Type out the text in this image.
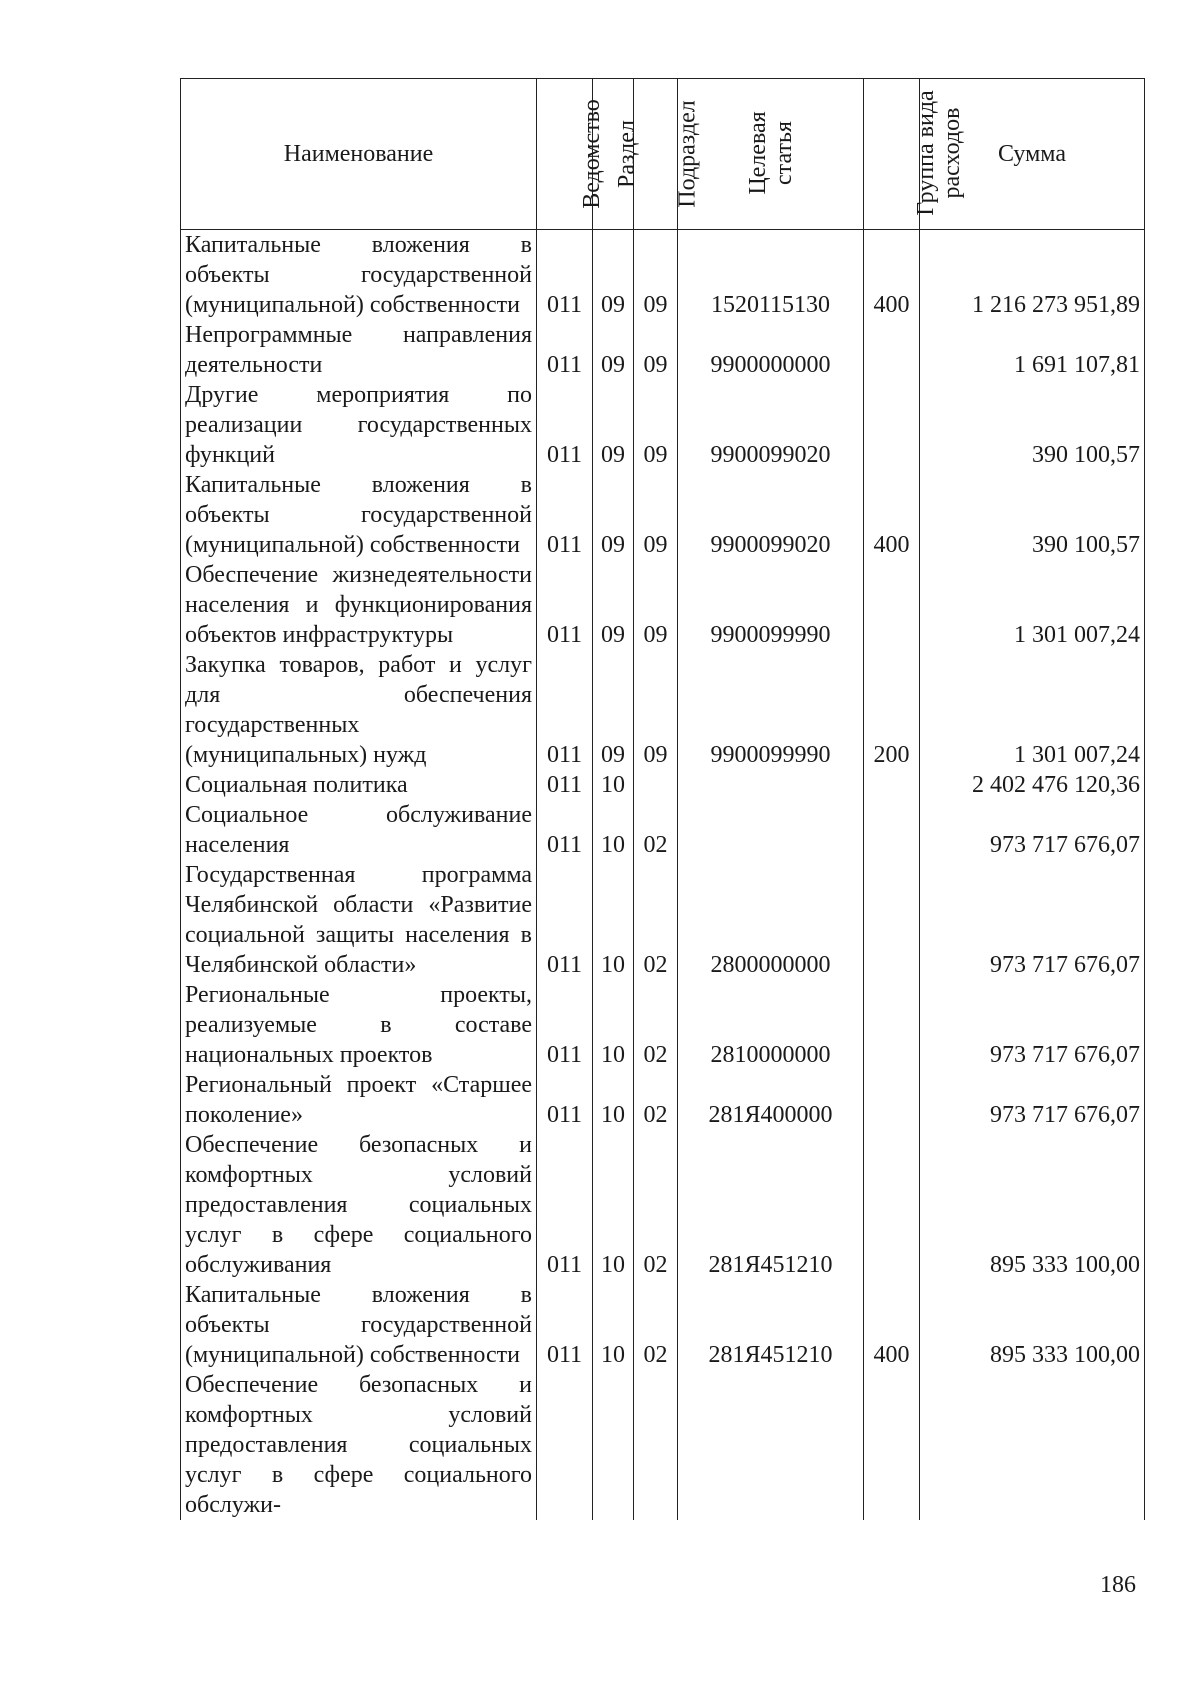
Наименование	Ведомство	Раздел	Подраздел	Целевая статья	Группа вида расходов	Сумма
Капитальные вложения в объекты государственной (муниципальной) собственности	011	09	09	1520115130	400	1 216 273 951,89
Непрограммные направления деятельности	011	09	09	9900000000		1 691 107,81
Другие мероприятия по реализации государственных функций	011	09	09	9900099020		390 100,57
Капитальные вложения в объекты государственной (муниципальной) собственности	011	09	09	9900099020	400	390 100,57
Обеспечение жизнедеятельности населения и функционирования объектов инфраструктуры	011	09	09	9900099990		1 301 007,24
Закупка товаров, работ и услуг для обеспечения государственных (муниципальных) нужд	011	09	09	9900099990	200	1 301 007,24
Социальная политика	011	10				2 402 476 120,36
Социальное обслуживание населения	011	10	02			973 717 676,07
Государственная программа Челябинской области «Развитие социальной защиты населения в Челябинской области»	011	10	02	2800000000		973 717 676,07
Региональные проекты, реализуемые в составе национальных проектов	011	10	02	2810000000		973 717 676,07
Региональный проект «Старшее поколение»	011	10	02	281Я400000		973 717 676,07
Обеспечение безопасных и комфортных условий предоставления социальных услуг в сфере социального обслуживания	011	10	02	281Я451210		895 333 100,00
Капитальные вложения в объекты государственной (муниципальной) собственности	011	10	02	281Я451210	400	895 333 100,00
Обеспечение безопасных и комфортных условий предоставления социальных услуг в сфере социального обслужи-						
186
